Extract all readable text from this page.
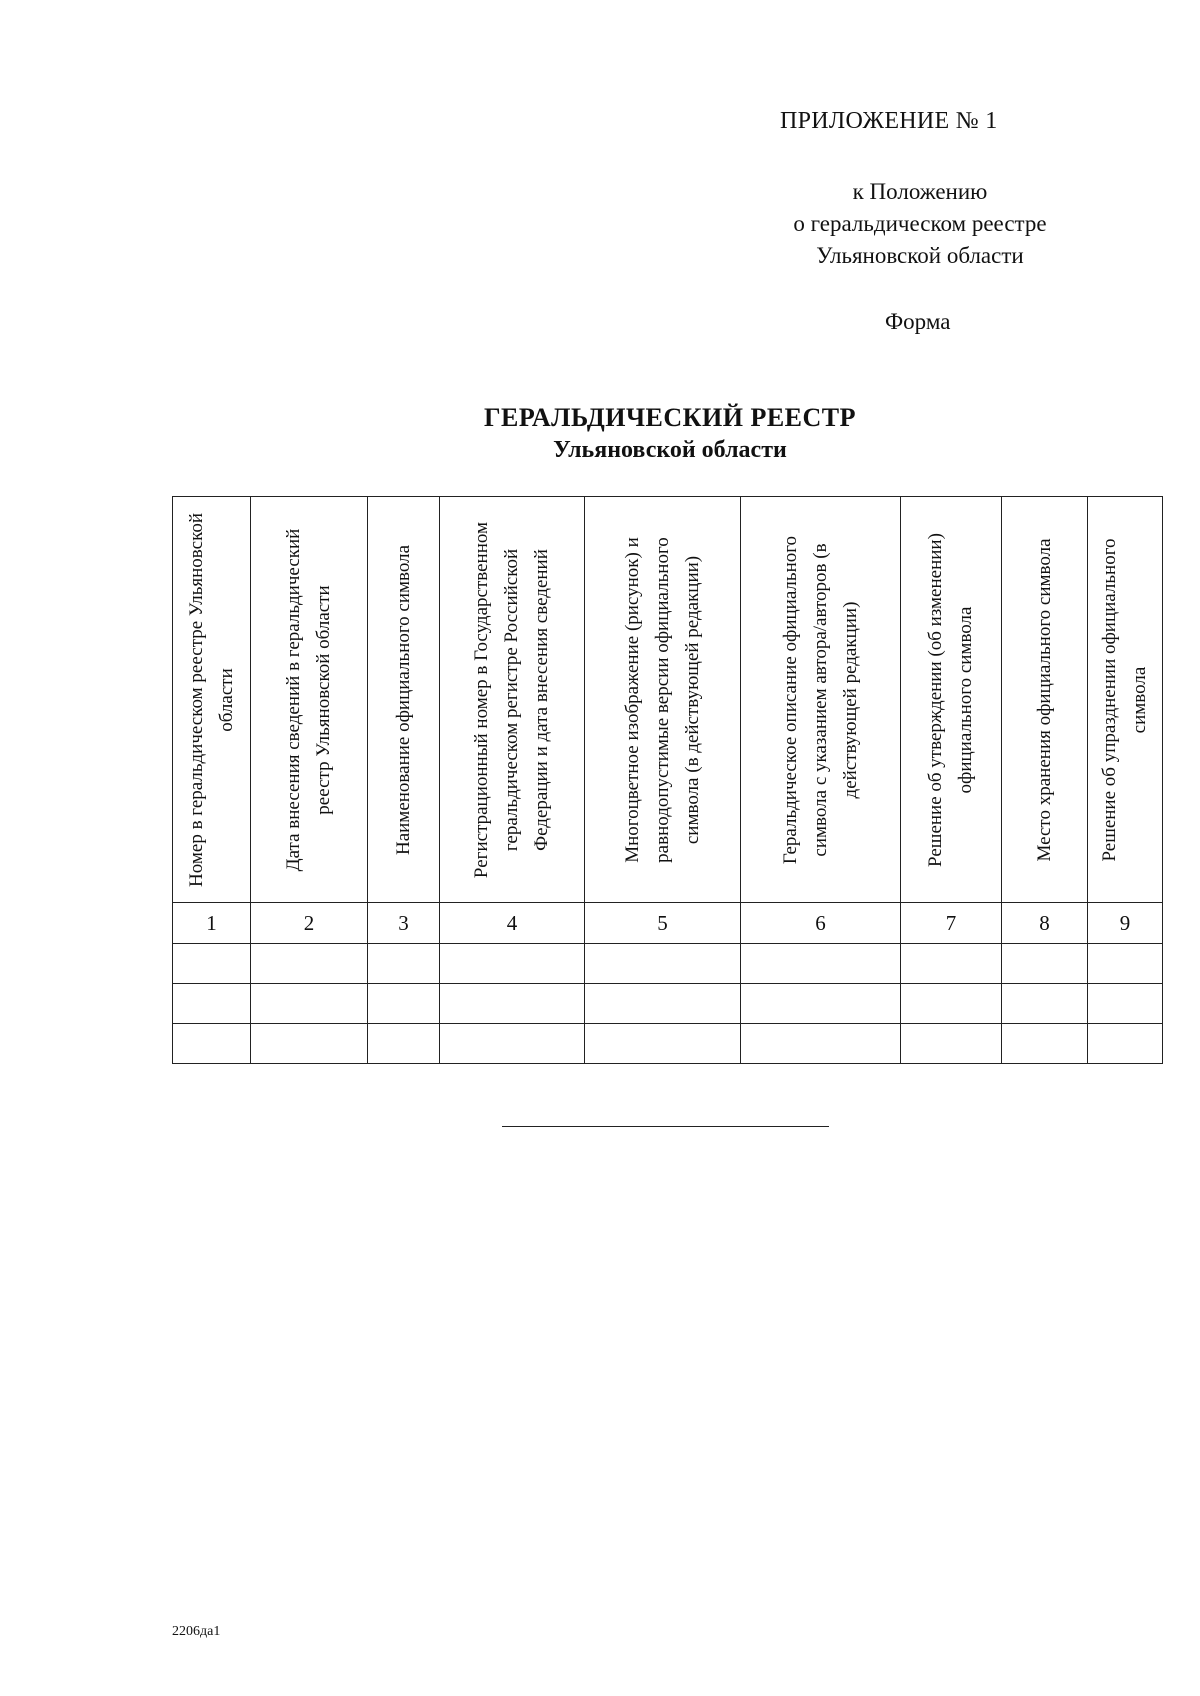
ПРИЛОЖЕНИЕ № 1
к Положению
о геральдическом реестре
Ульяновской области
Форма
ГЕРАЛЬДИЧЕСКИЙ РЕЕСТР
Ульяновской области
Номер в геральдическом реестре Ульяновской области	Дата внесения сведений в геральдический реестр Ульяновской области	Наименование официального символа	Регистрационный номер в Государственном геральдическом регистре Российской Федерации и дата внесения сведений	Многоцветное изображение (рисунок) и равнодопустимые версии официального символа (в действующей редакции)	Геральдическое описание официального символа с указанием автора/авторов (в действующей редакции)	Решение об утверждении (об изменении) официального символа	Место хранения официального символа	Решение об упразднении официального символа

1	2	3	4	5	6	7	8	9

2206да1
